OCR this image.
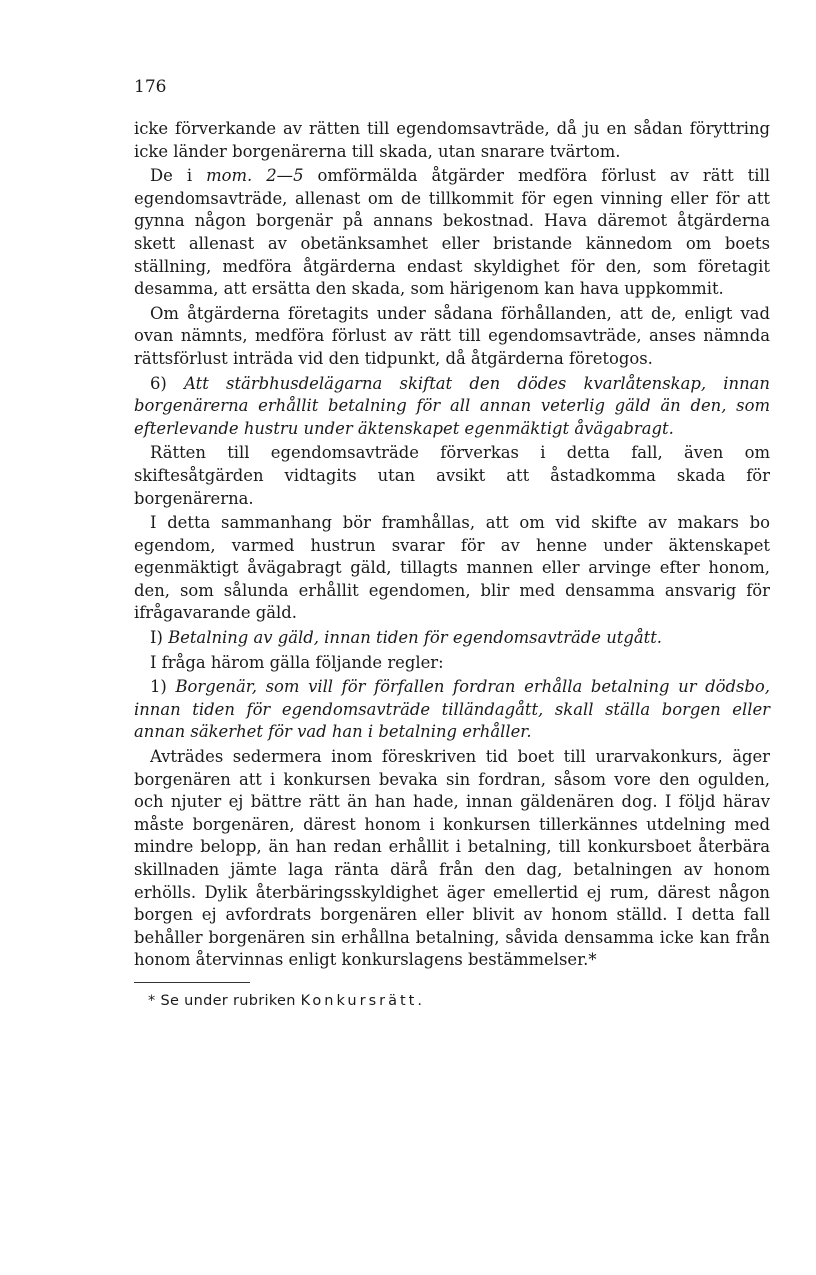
176

icke förverkande av rätten till egendomsavträde, då ju en sådan föryttring icke länder borgenärerna till skada, utan snarare tvärtom.

De i mom. 2—5 omförmälda åtgärder medföra förlust av rätt till egendomsavträde, allenast om de tillkommit för egen vinning eller för att gynna någon borgenär på annans bekostnad. Hava däremot åtgärderna skett allenast av obetänksamhet eller bristande kännedom om boets ställning, medföra åtgärderna endast skyldighet för den, som företagit desamma, att ersätta den skada, som härigenom kan hava uppkommit.

Om åtgärderna företagits under sådana förhållanden, att de, enligt vad ovan nämnts, medföra förlust av rätt till egendomsavträde, anses nämnda rättsförlust inträda vid den tidpunkt, då åtgärderna företogos.

6) Att stärbhusdelägarna skiftat den dödes kvarlåtenskap, innan borgenärerna erhållit betalning för all annan veterlig gäld än den, som efterlevande hustru under äktenskapet egenmäktigt åvägabragt.

Rätten till egendomsavträde förverkas i detta fall, även om skiftesåtgärden vidtagits utan avsikt att åstadkomma skada för borgenärerna.

I detta sammanhang bör framhållas, att om vid skifte av makars bo egendom, varmed hustrun svarar för av henne under äktenskapet egenmäktigt åvägabragt gäld, tillagts mannen eller arvinge efter honom, den, som sålunda erhållit egendomen, blir med densamma ansvarig för ifrågavarande gäld.

I) Betalning av gäld, innan tiden för egendomsavträde utgått.

I fråga härom gälla följande regler:

1) Borgenär, som vill för förfallen fordran erhålla betalning ur dödsbo, innan tiden för egendomsavträde tilländagått, skall ställa borgen eller annan säkerhet för vad han i betalning erhåller.

Avträdes sedermera inom föreskriven tid boet till urarvakonkurs, äger borgenären att i konkursen bevaka sin fordran, såsom vore den ogulden, och njuter ej bättre rätt än han hade, innan gäldenären dog. I följd härav måste borgenären, därest honom i konkursen tillerkännes utdelning med mindre belopp, än han redan erhållit i betalning, till konkursboet återbära skillnaden jämte laga ränta därå från den dag, betalningen av honom erhölls. Dylik återbäringsskyldighet äger emellertid ej rum, därest någon borgen ej avfordrats borgenären eller blivit av honom ställd. I detta fall behåller borgenären sin erhållna betalning, såvida densamma icke kan från honom återvinnas enligt konkurslagens bestämmelser.*

* Se under rubriken Konkursrätt.
